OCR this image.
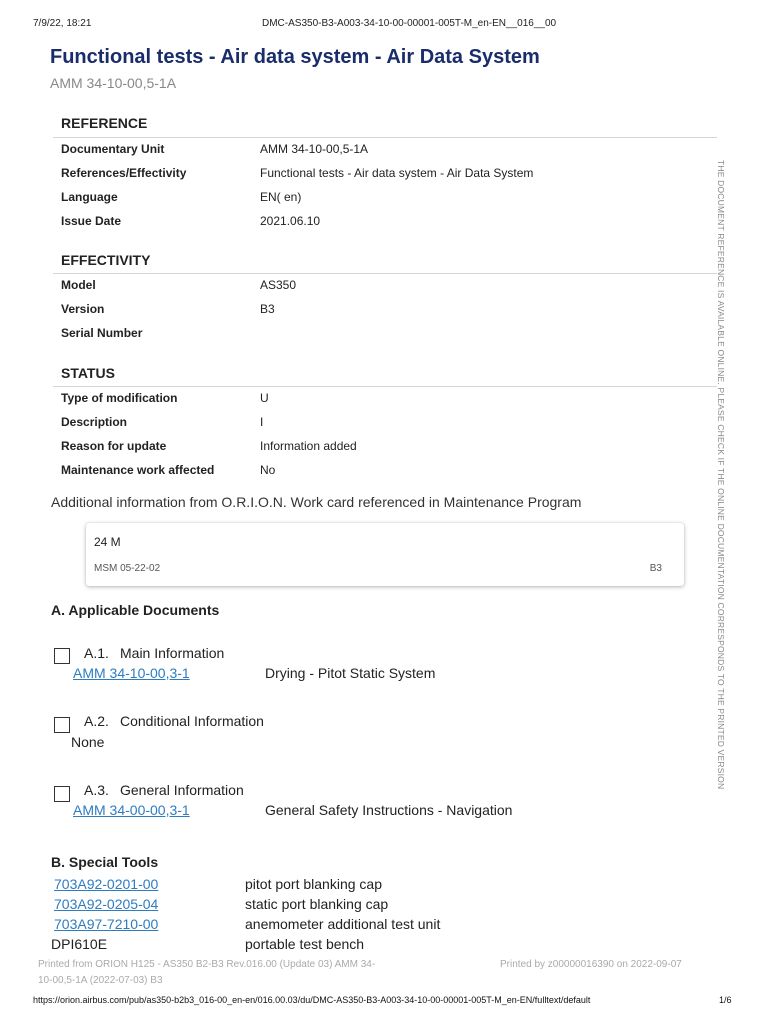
7/9/22, 18:21	DMC-AS350-B3-A003-34-10-00-00001-005T-M_en-EN__016__00
Functional tests - Air data system - Air Data System
AMM 34-10-00,5-1A
REFERENCE
Documentary Unit	AMM 34-10-00,5-1A
References/Effectivity	Functional tests - Air data system - Air Data System
Language	EN( en)
Issue Date	2021.06.10
EFFECTIVITY
Model	AS350
Version	B3
Serial Number
STATUS
Type of modification	U
Description	I
Reason for update	Information added
Maintenance work affected	No
Additional information from O.R.I.O.N. Work card referenced in Maintenance Program
24 M
MSM 05-22-02	B3
A. Applicable Documents
A.1. Main Information
AMM 34-10-00,3-1	Drying - Pitot Static System
A.2. Conditional Information
None
A.3. General Information
AMM 34-00-00,3-1	General Safety Instructions - Navigation
B. Special Tools
703A92-0201-00	pitot port blanking cap
703A92-0205-04	static port blanking cap
703A97-7210-00	anemometer additional test unit
DPI610E	portable test bench
THE DOCUMENT REFERENCE IS AVAILABLE ONLINE. PLEASE CHECK IF THE ONLINE DOCUMENTATION CORRESPONDS TO THE PRINTED VERSION
Printed from ORION H125 - AS350 B2-B3 Rev.016.00 (Update 03) AMM 34-
10-00,5-1A (2022-07-03) B3
Printed by z00000016390 on 2022-09-07
https://orion.airbus.com/pub/as350-b2b3_016-00_en-en/016.00.03/du/DMC-AS350-B3-A003-34-10-00-00001-005T-M_en-EN/fulltext/default	1/6
